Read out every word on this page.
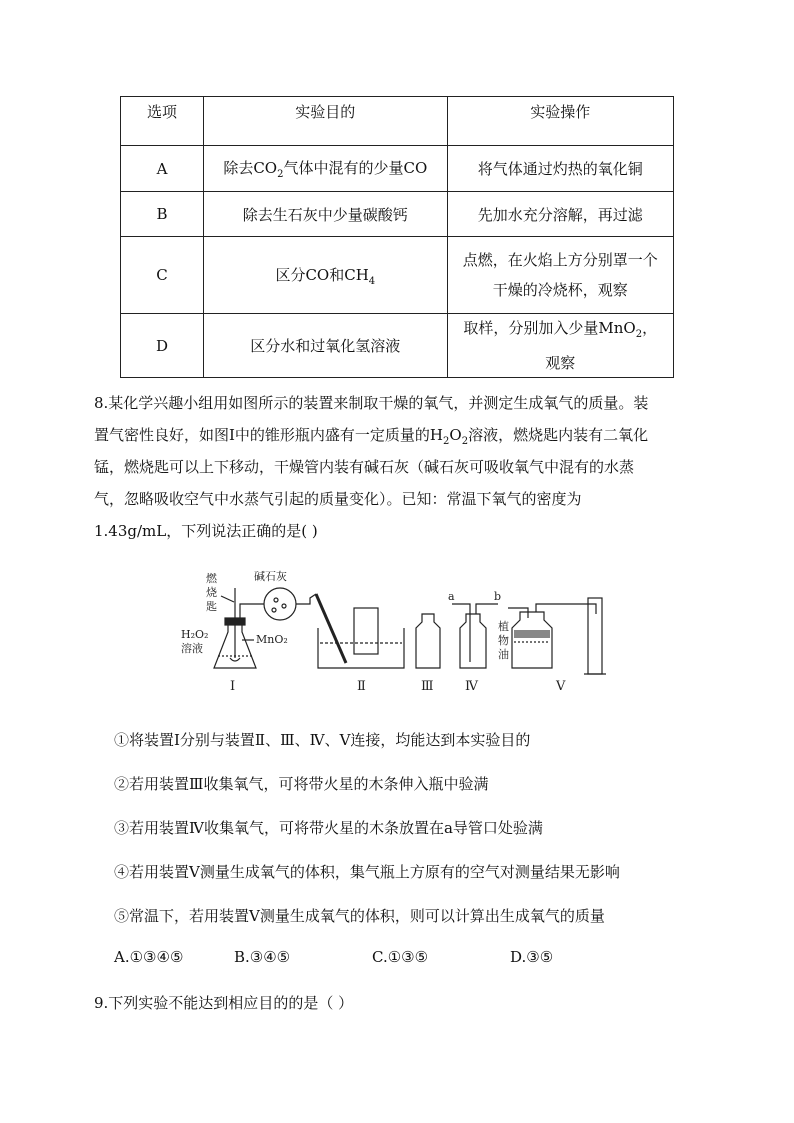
选项	实验目的	实验操作
A	除去$CO_2$气体中混有的少量CO	将气体通过灼热的氧化铜
B	除去生石灰中少量碳酸钙	先加水充分溶解，再过滤
C	区分CO和$CH_4$	点燃，在火焰上方分别罩一个
干燥的冷烧杯，观察
D	区分水和过氧化氢溶液	取样，分别加入少量MnO$_2$，
观察
8.某化学兴趣小组用如图所示的装置来制取干燥的氧气，并测定生成氧气的质量。装
置气密性良好，如图Ⅰ中的锥形瓶内盛有一定质量的$H_2O_2$溶液，燃烧匙内装有二氧化
锰，燃烧匙可以上下移动，干燥管内装有碱石灰（碱石灰可吸收氧气中混有的水蒸
气，忽略吸收空气中水蒸气引起的质量变化）。已知：常温下氧气的密度为
1.43g/mL，下列说法正确的是( )
燃
烧
匙
碱石灰
H₂O₂
溶液
MnO₂
Ⅰ	Ⅱ	Ⅲ
a	b
Ⅳ
植
物
油
Ⅴ
①将装置Ⅰ分别与装置Ⅱ、Ⅲ、Ⅳ、Ⅴ连接，均能达到本实验目的
②若用装置Ⅲ收集氧气，可将带火星的木条伸入瓶中验满
③若用装置Ⅳ收集氧气，可将带火星的木条放置在a导管口处验满
④若用装置Ⅴ测量生成氧气的体积，集气瓶上方原有的空气对测量结果无影响
⑤常温下，若用装置Ⅴ测量生成氧气的体积，则可以计算出生成氧气的质量
A.①③④⑤	B.③④⑤	C.①③⑤	D.③⑤
9.下列实验不能达到相应目的的是（ ）
